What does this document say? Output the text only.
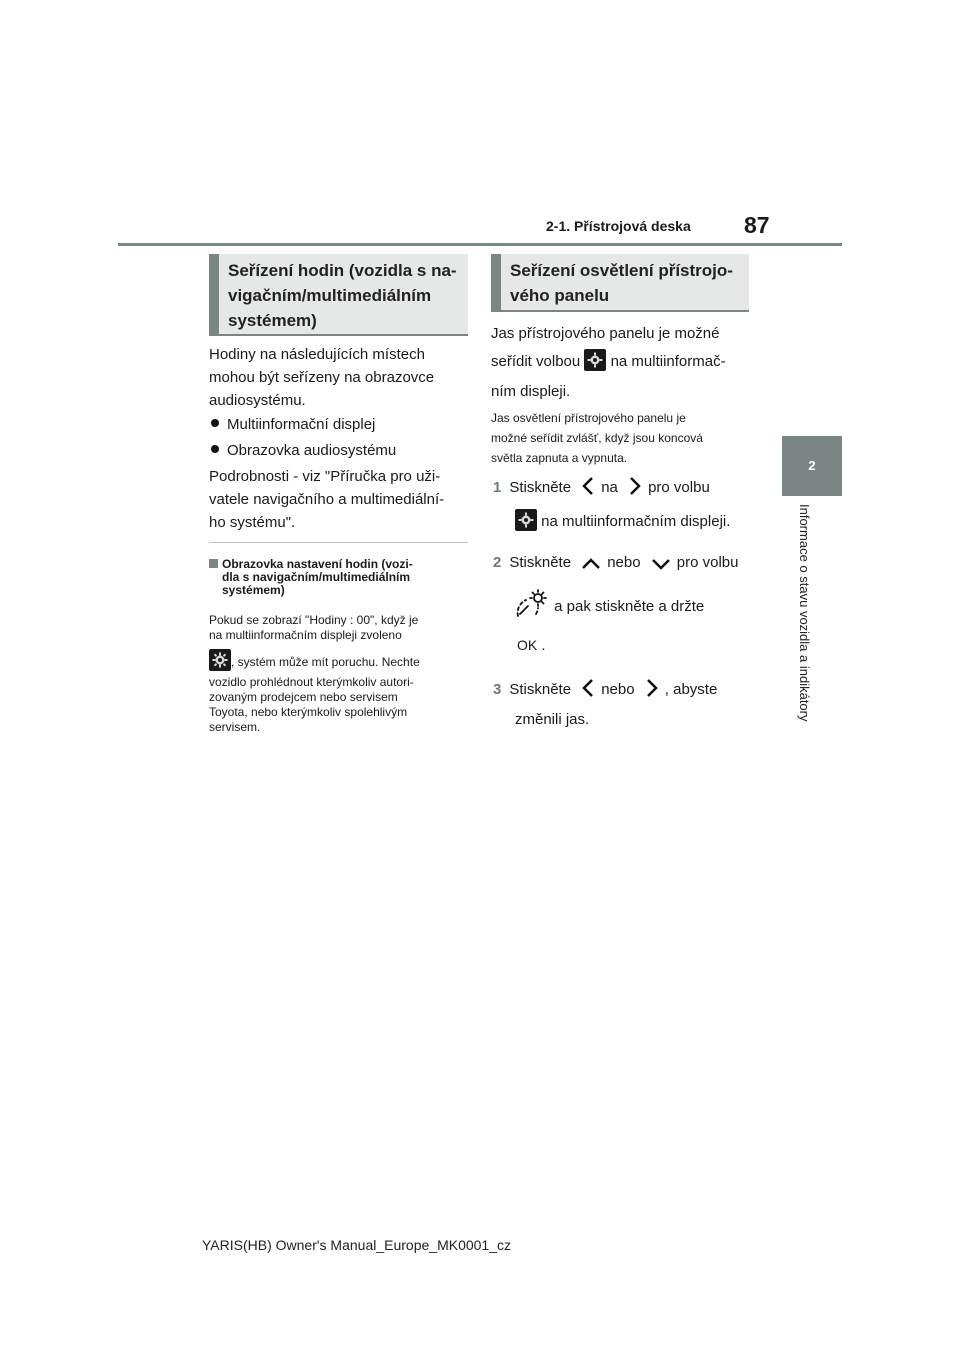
2-1. Přístrojová deska 87
2
Informace o stavu vozidla a indikátory
Seřízení hodin (vozidla s na-
vigačním/multimediálním
systémem)
Hodiny na následujících místech
mohou být seřízeny na obrazovce
audiosystému.
Multiinformační displej
Obrazovka audiosystému
Podrobnosti - viz "Příručka pro uži-
vatele navigačního a multimediální-
ho systému".
Obrazovka nastavení hodin (vozi-
dla s navigačním/multimediálním
systémem)
Pokud se zobrazí "Hodiny : 00", když je
na multiinformačním displeji zvoleno
, systém může mít poruchu. Nechte
vozidlo prohlédnout kterýmkoliv autori-
zovaným prodejcem nebo servisem
Toyota, nebo kterýmkoliv spolehlivým
servisem.
Seřízení osvětlení přístrojo-
vého panelu
Jas přístrojového panelu je možné
seřídit volbou na multiinformač-
ním displeji.
Jas osvětlení přístrojového panelu je
možné seřídit zvlášť, když jsou koncová
světla zapnuta a vypnuta.
1 Stiskněte na pro volbu
na multiinformačním displeji.
2 Stiskněte nebo pro volbu
a pak stiskněte a držte
OK .
3 Stiskněte nebo , abyste
změnili jas.
YARIS(HB) Owner's Manual_Europe_MK0001_cz
